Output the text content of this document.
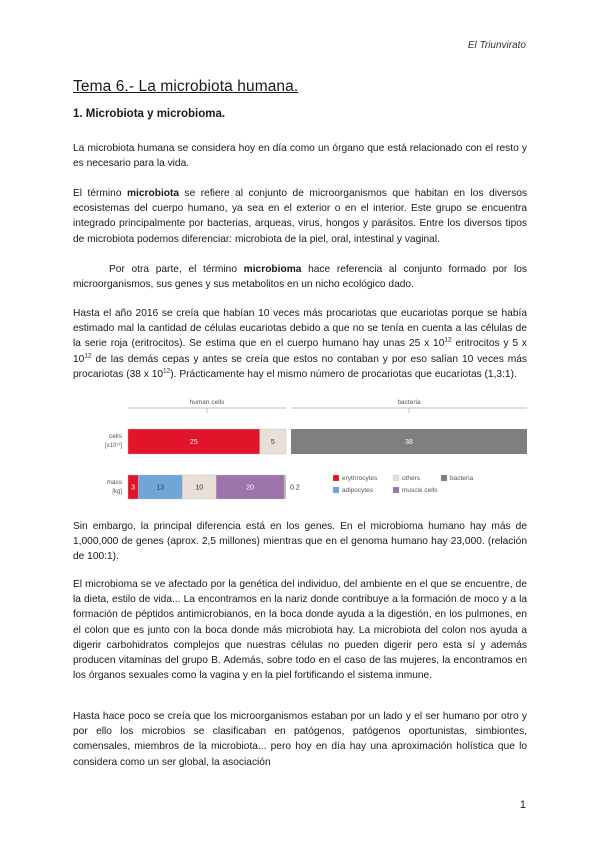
El Triunvirato
Tema 6.- La microbiota humana.
1. Microbiota y microbioma.

La microbiota humana se considera hoy en día como un órgano que está relacionado con el resto y es necesario para la vida.

El término microbiota se refiere al conjunto de microorganismos que habitan en los diversos ecosistemas del cuerpo humano, ya sea en el exterior o en el interior. Este grupo se encuentra integrado principalmente por bacterias, arqueas, virus, hongos y parásitos. Entre los diversos tipos de microbiota podemos diferenciar: microbiota de la piel, oral, intestinal y vaginal.

Por otra parte, el término microbioma hace referencia al conjunto formado por los microorganismos, sus genes y sus metabolitos en un nicho ecológico dado.

Hasta el año 2016 se creía que habían 10 veces más procariotas que eucariotas porque se había estimado mal la cantidad de células eucariotas debido a que no se tenía en cuenta a las células de la serie roja (eritrocitos). Se estima que en el cuerpo humano hay unas 25 x $10^{12}$ eritrocitos y 5 x $10^{12}$ de las demás cepas y antes se creía que estos no contaban y por eso salían 10 veces más procariotas (38 x $10^{12}$). Prácticamente hay el mismo número de procariotas que eucariotas (1,3:1).

human cells	bacteria
cells
[x10¹³]
mass
[kg]
25	5	38
3	13	10	20	0.2
erythrocytes	others	bacteria
adipocytes	muscle cells

Sin embargo, la principal diferencia está en los genes. En el microbioma humano hay más de 1,000,000 de genes (aprox. 2,5 millones) mientras que en el genoma humano hay 23,000. (relación de 100:1).

El microbioma se ve afectado por la genética del individuo, del ambiente en el que se encuentre, de la dieta, estilo de vida... La encontramos en la nariz donde contribuye a la formación de moco y a la formación de péptidos antimicrobianos, en la boca donde ayuda a la digestión, en los pulmones, en el colon que es junto con la boca donde más microbiota hay. La microbiota del colon nos ayuda a digerir carbohidratos complejos que nuestras células no pueden digerir pero esta sí y además producen vitaminas del grupo B. Además, sobre todo en el caso de las mujeres, la encontramos en los órganos sexuales como la vagina y en la piel fortificando el sistema inmune.

Hasta hace poco se creía que los microorganismos estaban por un lado y el ser humano por otro y por ello los microbios se clasificaban en patógenos, patógenos oportunistas, simbiontes, comensales, miembros de la microbiota... pero hoy en día hay una aproximación holística que lo considera como un ser global, la asociación

1
